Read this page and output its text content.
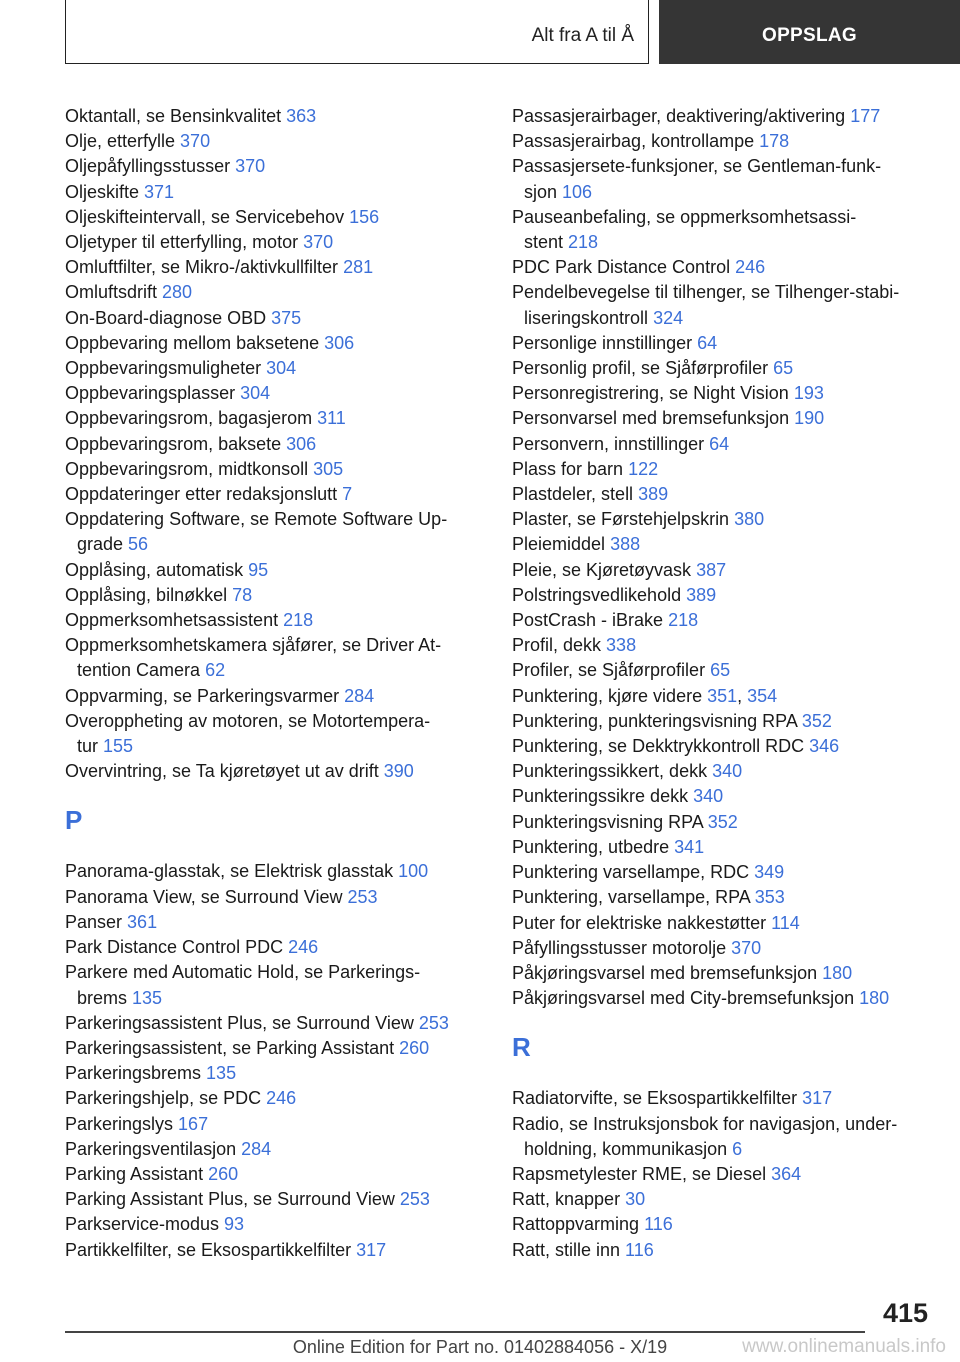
Alt fra A til Å	OPPSLAG
Oktantall, se Bensinkvalitet 363
Olje, etterfylle 370
Oljepåfyllingsstusser 370
Oljeskifte 371
Oljeskifteintervall, se Servicebehov 156
Oljetyper til etterfylling, motor 370
Omluftfilter, se Mikro-/aktivkullfilter 281
Omluftsdrift 280
On-Board-diagnose OBD 375
Oppbevaring mellom baksetene 306
Oppbevaringsmuligheter 304
Oppbevaringsplasser 304
Oppbevaringsrom, bagasjerom 311
Oppbevaringsrom, baksete 306
Oppbevaringsrom, midtkonsoll 305
Oppdateringer etter redaksjonslutt 7
Oppdatering Software, se Remote Software Up-
grade 56
Opplåsing, automatisk 95
Opplåsing, bilnøkkel 78
Oppmerksomhetsassistent 218
Oppmerksomhetskamera sjåfører, se Driver At-
tention Camera 62
Oppvarming, se Parkeringsvarmer 284
Overoppheting av motoren, se Motortempera-
tur 155
Overvintring, se Ta kjøretøyet ut av drift 390
P
Panorama-glasstak, se Elektrisk glasstak 100
Panorama View, se Surround View 253
Panser 361
Park Distance Control PDC 246
Parkere med Automatic Hold, se Parkerings-
brems 135
Parkeringsassistent Plus, se Surround View 253
Parkeringsassistent, se Parking Assistant 260
Parkeringsbrems 135
Parkeringshjelp, se PDC 246
Parkeringslys 167
Parkeringsventilasjon 284
Parking Assistant 260
Parking Assistant Plus, se Surround View 253
Parkservice-modus 93
Partikkelfilter, se Eksospartikkelfilter 317
Passasjerairbager, deaktivering/aktivering 177
Passasjerairbag, kontrollampe 178
Passasjersete-funksjoner, se Gentleman-funk-
sjon 106
Pauseanbefaling, se oppmerksomhetsassi-
stent 218
PDC Park Distance Control 246
Pendelbevegelse til tilhenger, se Tilhenger-stabi-
liseringskontroll 324
Personlige innstillinger 64
Personlig profil, se Sjåførprofiler 65
Personregistrering, se Night Vision 193
Personvarsel med bremsefunksjon 190
Personvern, innstillinger 64
Plass for barn 122
Plastdeler, stell 389
Plaster, se Førstehjelpskrin 380
Pleiemiddel 388
Pleie, se Kjøretøyvask 387
Polstringsvedlikehold 389
PostCrash - iBrake 218
Profil, dekk 338
Profiler, se Sjåførprofiler 65
Punktering, kjøre videre 351, 354
Punktering, punkteringsvisning RPA 352
Punktering, se Dekktrykkontroll RDC 346
Punkteringssikkert, dekk 340
Punkteringssikre dekk 340
Punkteringsvisning RPA 352
Punktering, utbedre 341
Punktering varsellampe, RDC 349
Punktering, varsellampe, RPA 353
Puter for elektriske nakkestøtter 114
Påfyllingsstusser motorolje 370
Påkjøringsvarsel med bremsefunksjon 180
Påkjøringsvarsel med City-bremsefunksjon 180
R
Radiatorvifte, se Eksospartikkelfilter 317
Radio, se Instruksjonsbok for navigasjon, under-
holdning, kommunikasjon 6
Rapsmetylester RME, se Diesel 364
Ratt, knapper 30
Rattoppvarming 116
Ratt, stille inn 116
415
Online Edition for Part no. 01402884056 - X/19	www.onlinemanuals.info
